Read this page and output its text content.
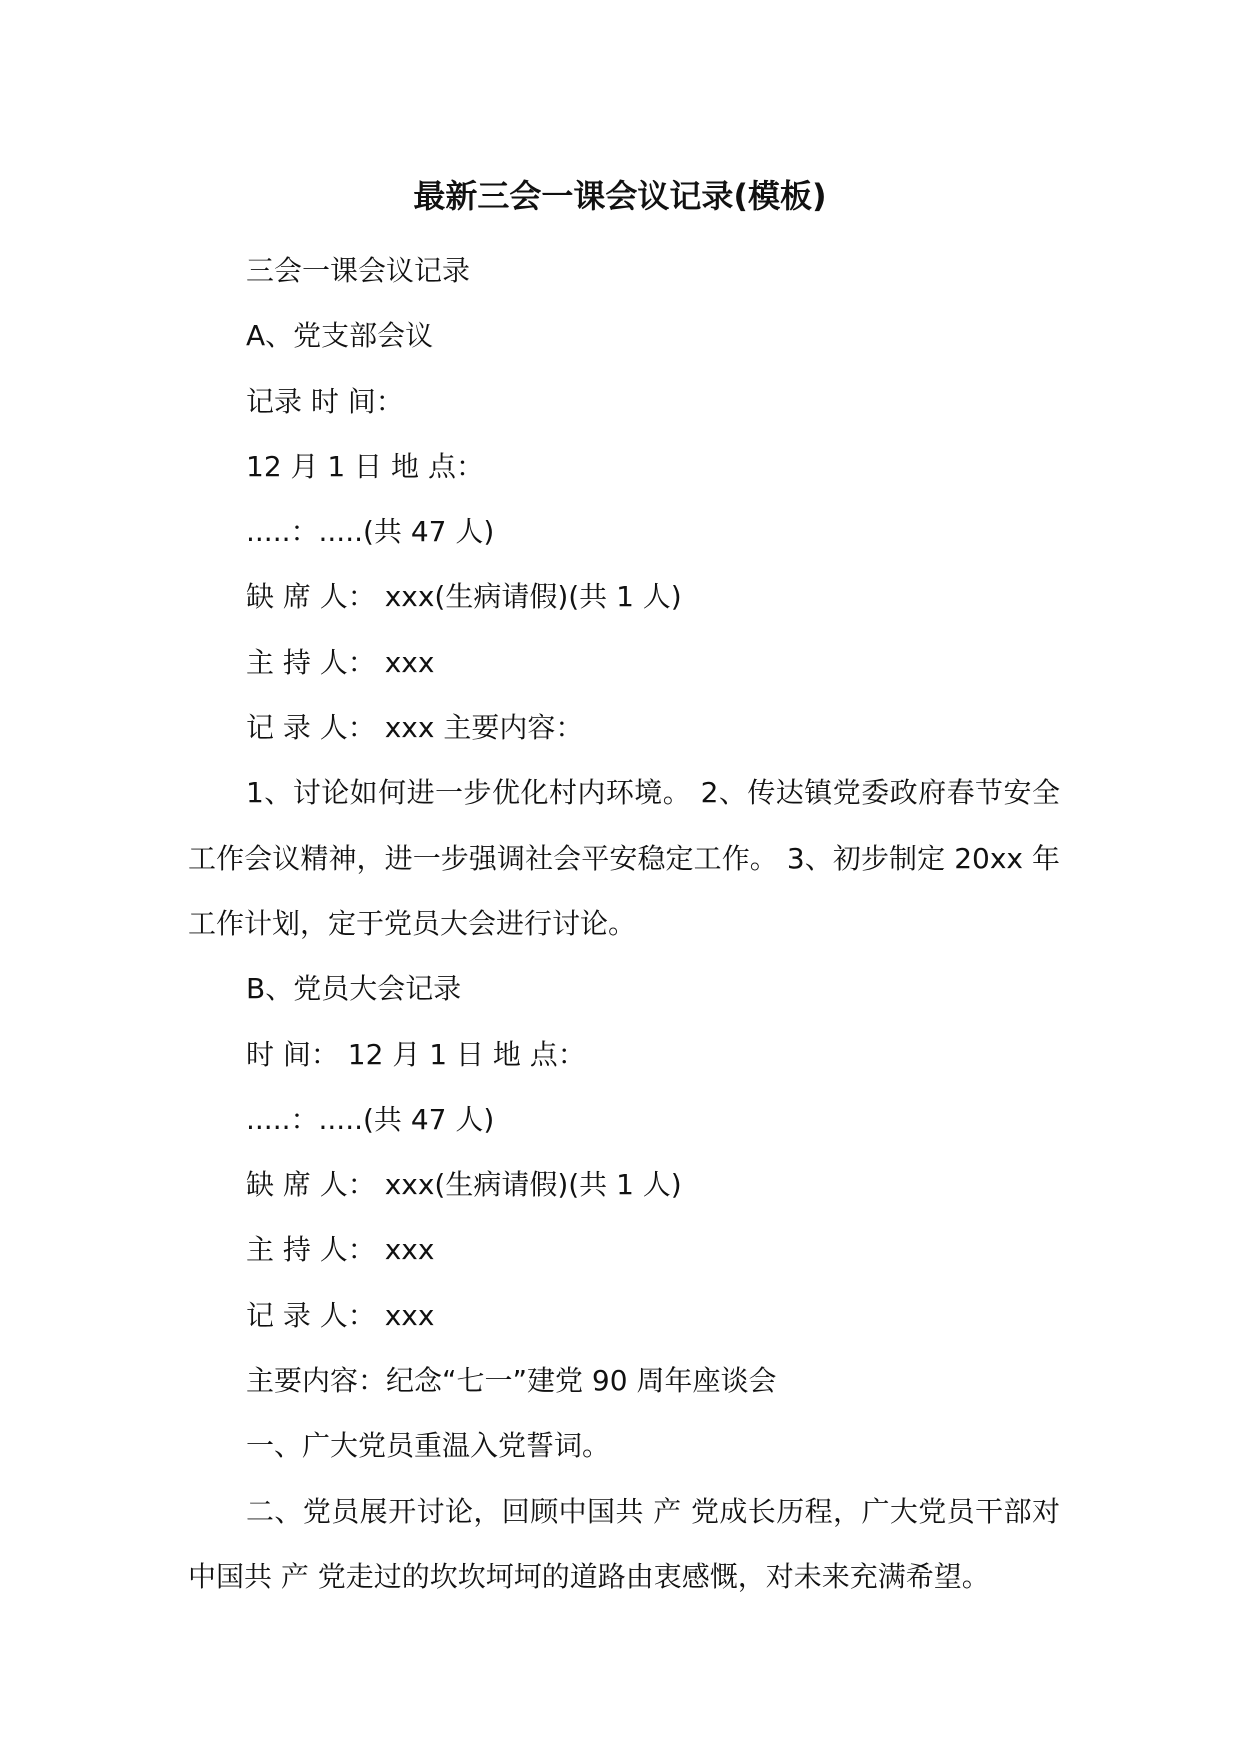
最新三会一课会议记录(模板)

三会一课会议记录

A、党支部会议

记录 时 间：

12 月 1 日 地 点：

.....：.....(共 47 人)

缺 席 人： xxx(生病请假)(共 1 人)

主 持 人： xxx

记 录 人： xxx 主要内容：

1、讨论如何进一步优化村内环境。 2、传达镇党委政府春节安全工作会议精神，进一步强调社会平安稳定工作。 3、初步制定 20xx 年工作计划，定于党员大会进行讨论。

B、党员大会记录

时 间： 12 月 1 日 地 点：

.....：.....(共 47 人)

缺 席 人： xxx(生病请假)(共 1 人)

主 持 人： xxx

记 录 人： xxx

主要内容：纪念“七一”建党 90 周年座谈会

一、广大党员重温入党誓词。

二、党员展开讨论，回顾中国共 产 党成长历程，广大党员干部对中国共 产 党走过的坎坎坷坷的道路由衷感慨，对未来充满希望。
